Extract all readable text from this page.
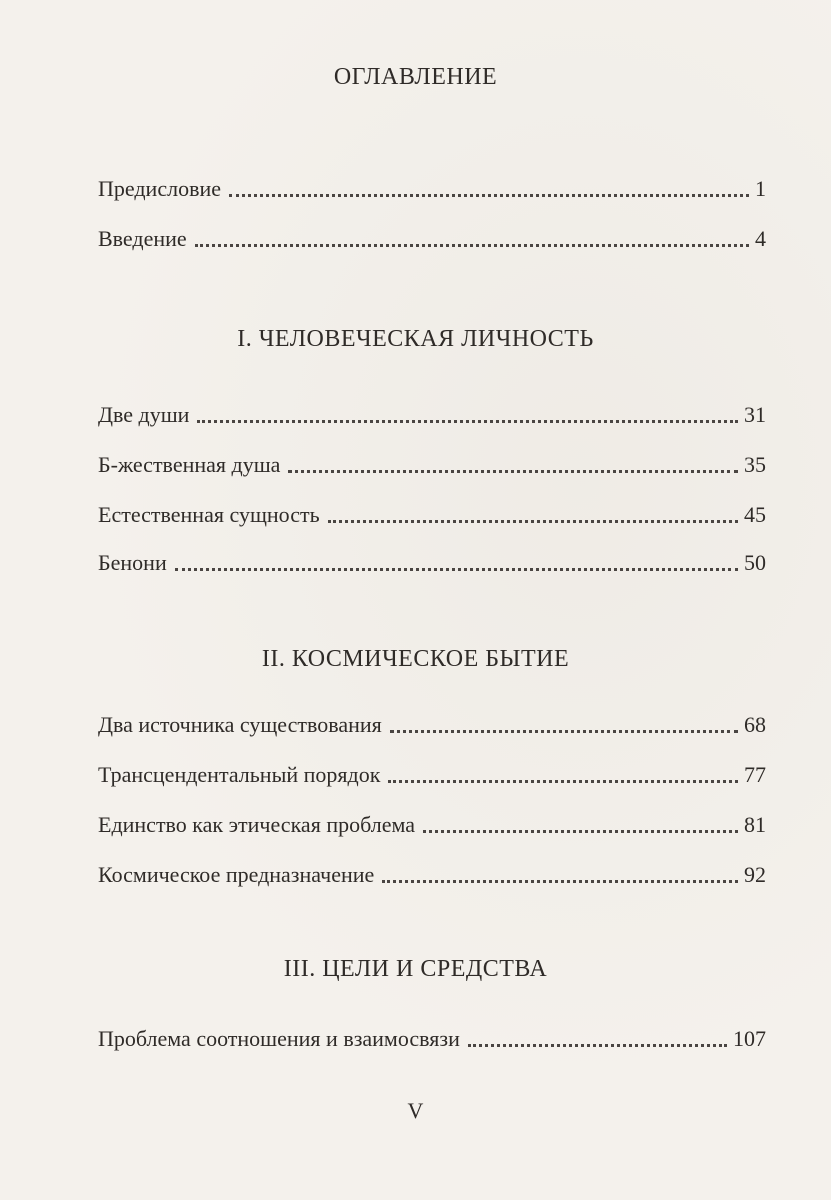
ОГЛАВЛЕНИЕ
Предисловие	1
Введение	4
I. ЧЕЛОВЕЧЕСКАЯ ЛИЧНОСТЬ
Две души	31
Б-жественная душа	35
Естественная сущность	45
Бенони	50
II. КОСМИЧЕСКОЕ БЫТИЕ
Два источника существования	68
Трансцендентальный порядок	77
Единство как этическая проблема	81
Космическое предназначение	92
III. ЦЕЛИ И СРЕДСТВА
Проблема соотношения и взаимосвязи	107
V
